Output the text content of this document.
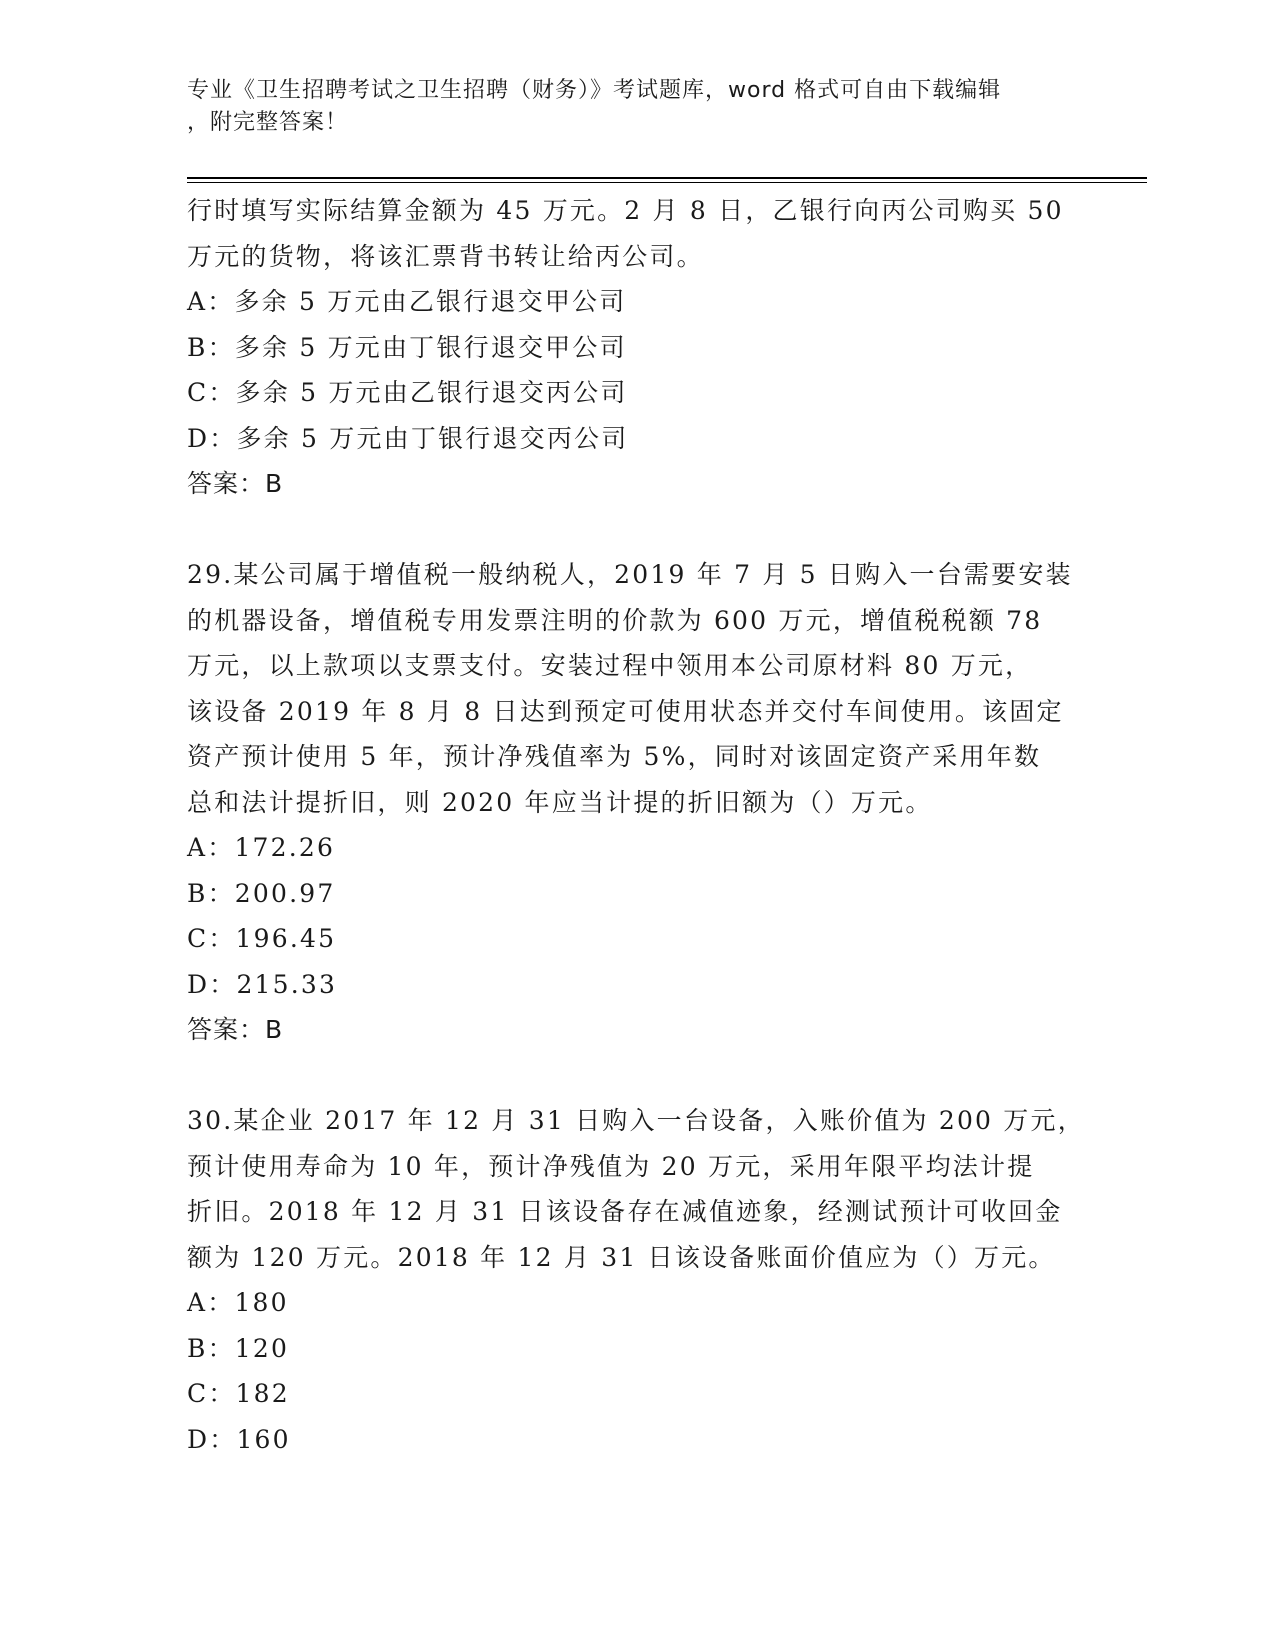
专业《卫生招聘考试之卫生招聘（财务）》考试题库，word 格式可自由下载编辑
，附完整答案！
行时填写实际结算金额为 45 万元。2 月 8 日，乙银行向丙公司购买 50
万元的货物，将该汇票背书转让给丙公司。
A：多余 5 万元由乙银行退交甲公司
B：多余 5 万元由丁银行退交甲公司
C：多余 5 万元由乙银行退交丙公司
D：多余 5 万元由丁银行退交丙公司
答案：B
29.某公司属于增值税一般纳税人，2019 年 7 月 5 日购入一台需要安装
的机器设备，增值税专用发票注明的价款为 600 万元，增值税税额 78
万元，以上款项以支票支付。安装过程中领用本公司原材料 80 万元，
该设备 2019 年 8 月 8 日达到预定可使用状态并交付车间使用。该固定
资产预计使用 5 年，预计净残值率为 5%，同时对该固定资产采用年数
总和法计提折旧，则 2020 年应当计提的折旧额为（）万元。
A：172.26
B：200.97
C：196.45
D：215.33
答案：B
30.某企业 2017 年 12 月 31 日购入一台设备，入账价值为 200 万元，
预计使用寿命为 10 年，预计净残值为 20 万元，采用年限平均法计提
折旧。2018 年 12 月 31 日该设备存在减值迹象，经测试预计可收回金
额为 120 万元。2018 年 12 月 31 日该设备账面价值应为（）万元。
A：180
B：120
C：182
D：160
